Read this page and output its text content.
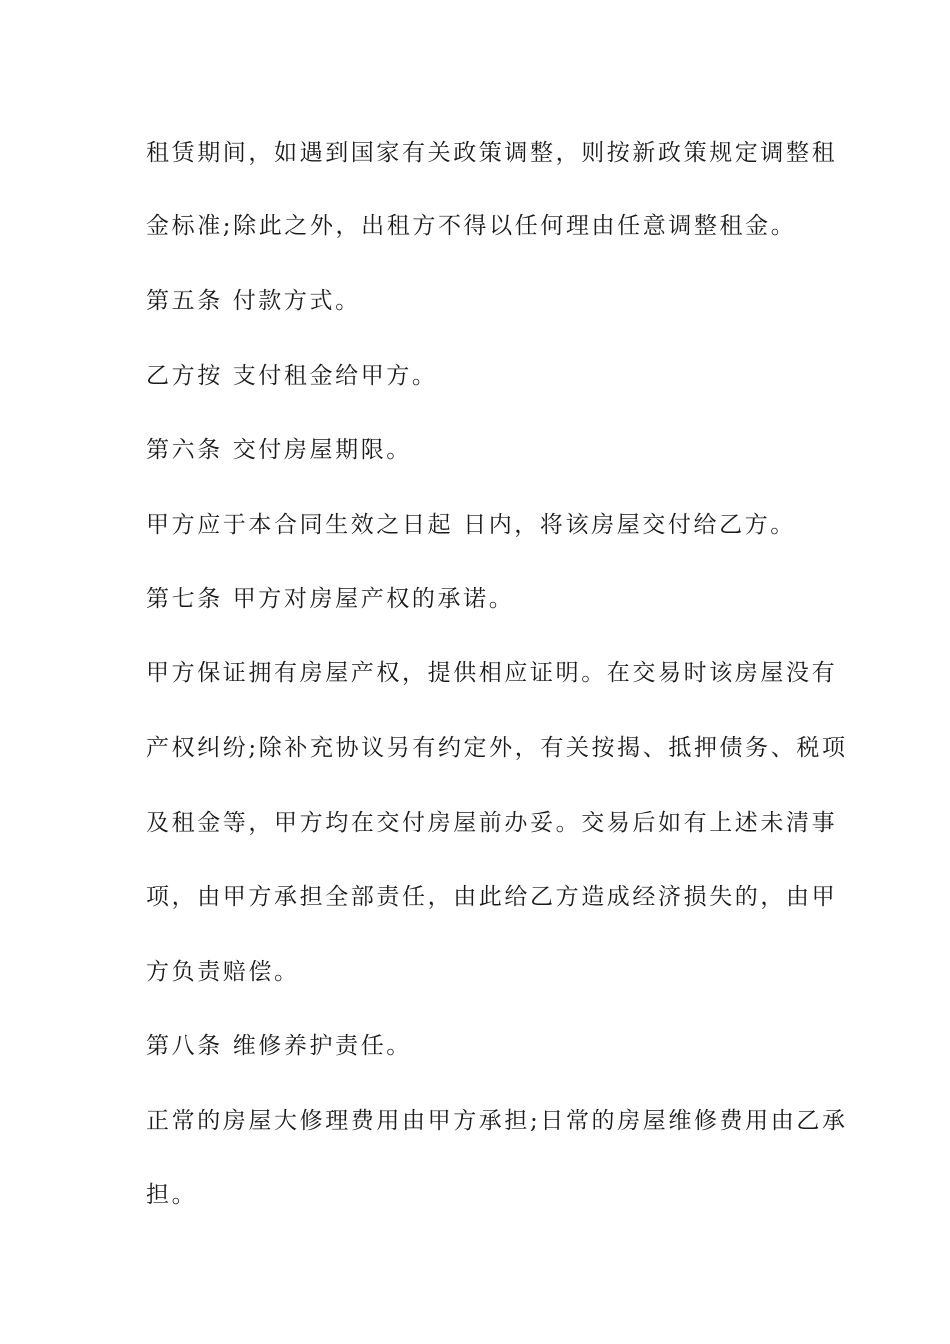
租赁期间，如遇到国家有关政策调整，则按新政策规定调整租
金标准;除此之外，出租方不得以任何理由任意调整租金。
第五条 付款方式。
乙方按 支付租金给甲方。
第六条 交付房屋期限。
甲方应于本合同生效之日起 日内，将该房屋交付给乙方。
第七条 甲方对房屋产权的承诺。
甲方保证拥有房屋产权，提供相应证明。在交易时该房屋没有
产权纠纷;除补充协议另有约定外，有关按揭、抵押债务、税项
及租金等，甲方均在交付房屋前办妥。交易后如有上述未清事
项，由甲方承担全部责任，由此给乙方造成经济损失的，由甲
方负责赔偿。
第八条 维修养护责任。
正常的房屋大修理费用由甲方承担;日常的房屋维修费用由乙承
担。
